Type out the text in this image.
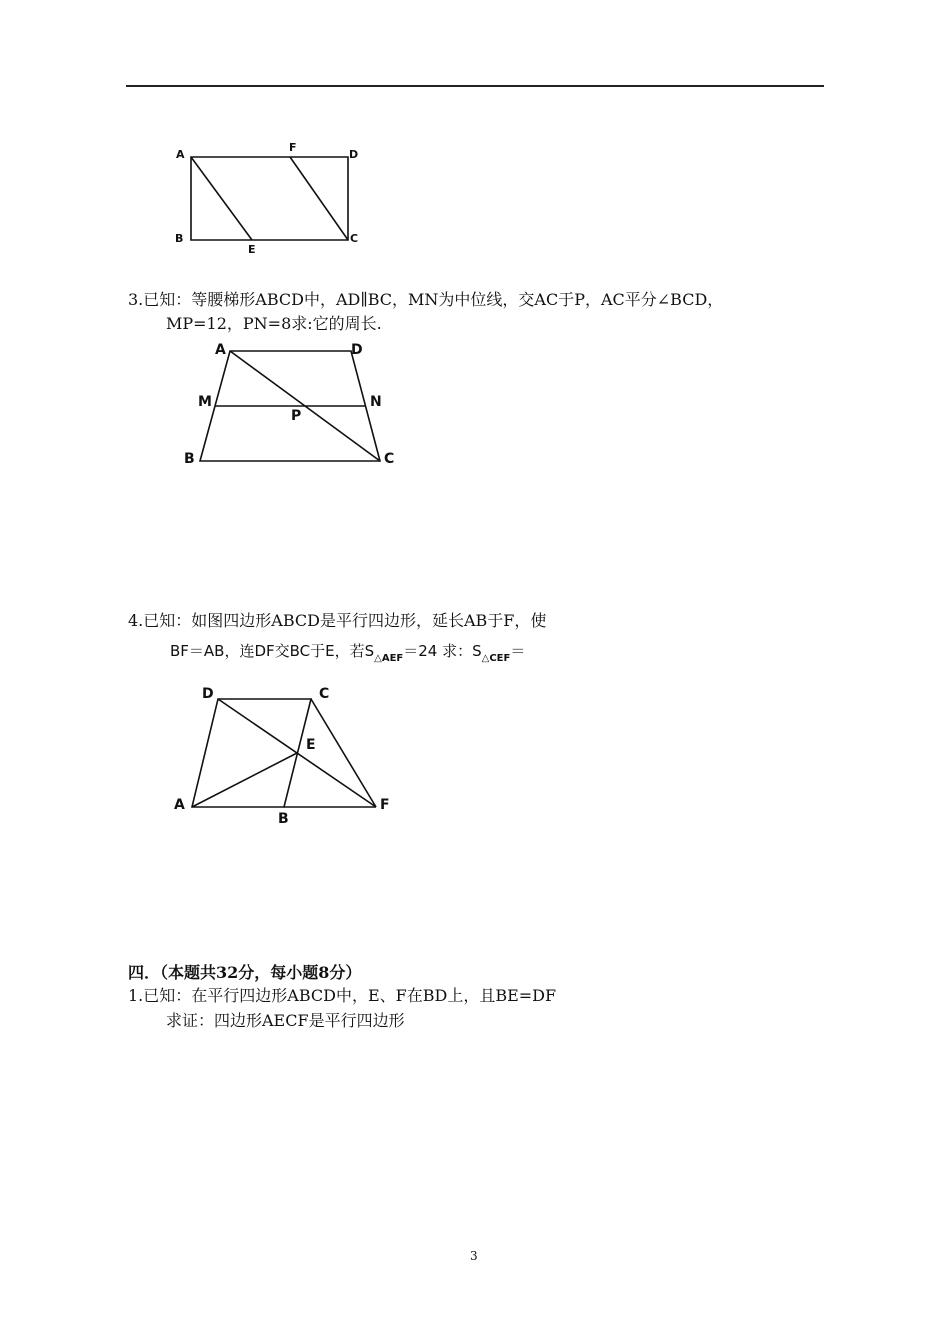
A
F
D
B
E
C
3.已知：等腰梯形ABCD中，AD∥BC，MN为中位线，交AC于P，AC平分∠BCD，
MP=12，PN=8求:它的周长.
A	D
M	N
P
B	C
4.已知：如图四边形ABCD是平行四边形，延长AB于F，使
BF＝AB，连DF交BC于E，若$S_{\triangle AEF}=24$ 求：$S_{\triangle CEF}=$
D	C
E
A
B
F
四．（本题共32分，每小题8分）
1.已知：在平行四边形ABCD中，E、F在BD上，且BE=DF
求证：四边形AECF是平行四边形
3
